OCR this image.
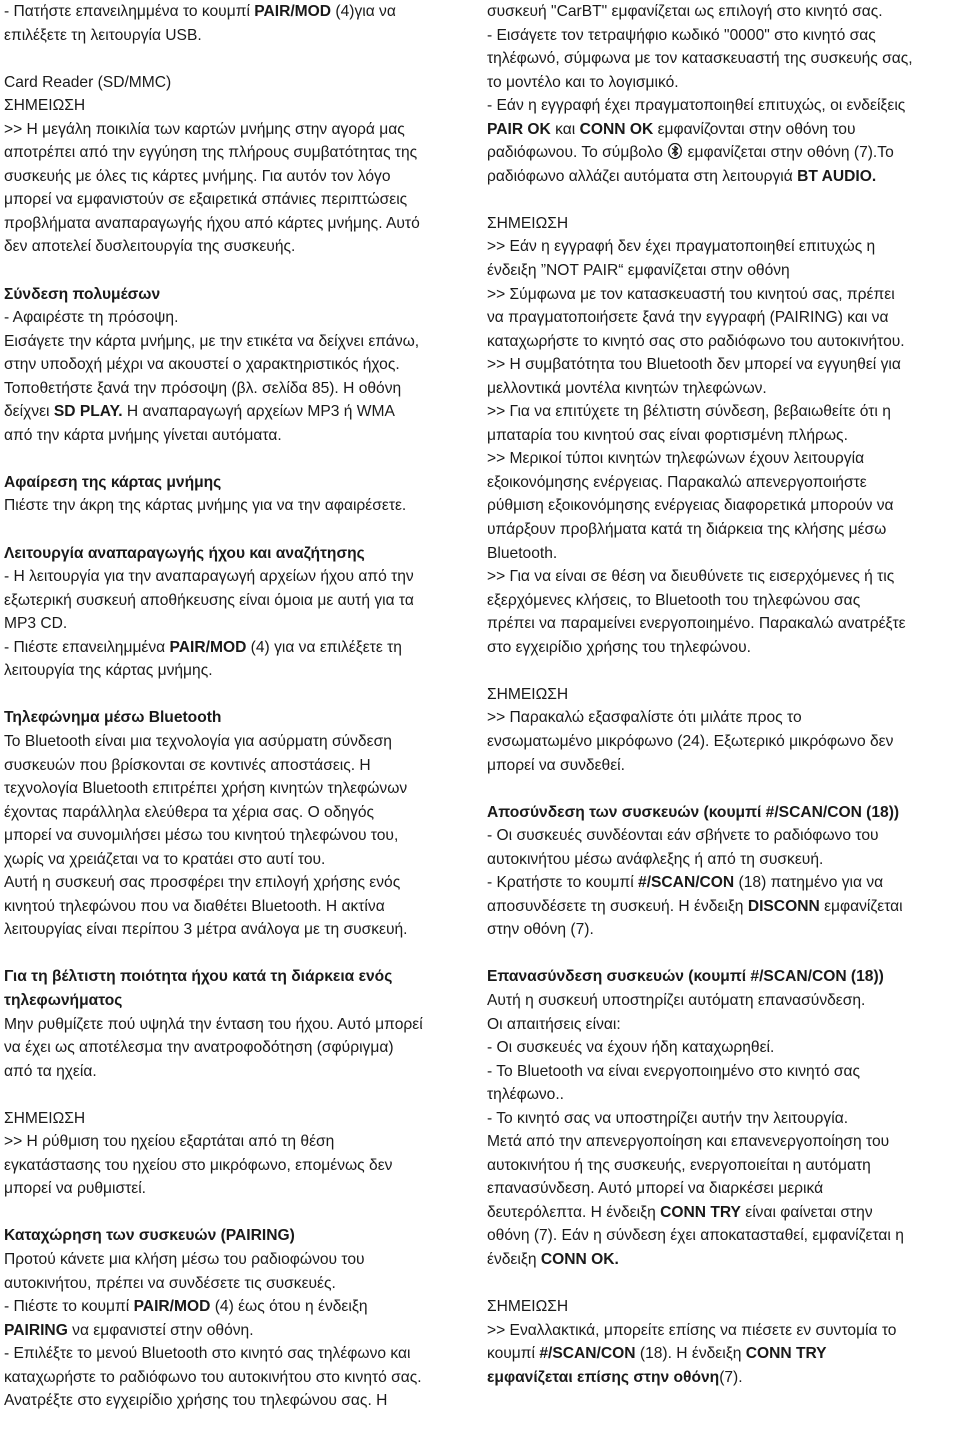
- Πατήστε επανειλημμένα το κουμπί PAIR/MOD (4)για να
επιλέξετε τη λειτουργία USB.
Card Reader (SD/MMC)
ΣΗΜΕΙΩΣΗ
>> Η μεγάλη ποικιλία των καρτών μνήμης στην αγορά μας
αποτρέπει από την εγγύηση της πλήρους συμβατότητας της
συσκευής με όλες τις κάρτες μνήμης. Για αυτόν τον λόγο
μπορεί να εμφανιστούν σε εξαιρετικά σπάνιες περιπτώσεις
προβλήματα αναπαραγωγής ήχου από κάρτες μνήμης. Αυτό
δεν αποτελεί δυσλειτουργία της συσκευής.
Σύνδεση πολυμέσων
- Αφαιρέστε τη πρόσοψη.
Εισάγετε την κάρτα μνήμης, με την ετικέτα να δείχνει επάνω,
στην υποδοχή μέχρι να ακουστεί ο χαρακτηριστικός ήχος.
Τοποθετήστε ξανά την πρόσοψη (βλ. σελίδα 85). Η οθόνη
δείχνει SD PLAY. Η αναπαραγωγή αρχείων MP3 ή WMA
από την κάρτα μνήμης γίνεται αυτόματα.
Αφαίρεση της κάρτας μνήμης
Πιέστε την άκρη της κάρτας μνήμης για να την αφαιρέσετε.
Λειτουργία αναπαραγωγής ήχου και αναζήτησης
- Η λειτουργία για την αναπαραγωγή αρχείων ήχου από την
εξωτερική συσκευή αποθήκευσης είναι όμοια με αυτή για τα
MP3 CD.
- Πιέστε επανειλημμένα PAIR/MOD (4) για να επιλέξετε τη
λειτουργία της κάρτας μνήμης.
Τηλεφώνημα μέσω Bluetooth
Το Bluetooth είναι μια τεχνολογία για ασύρματη σύνδεση
συσκευών που βρίσκονται σε κοντινές αποστάσεις. Η
τεχνολογία Bluetooth επιτρέπει χρήση κινητών τηλεφώνων
έχοντας παράλληλα ελεύθερα τα χέρια σας. Ο οδηγός
μπορεί να συνομιλήσει μέσω του κινητού τηλεφώνου του,
χωρίς να χρειάζεται να το κρατάει στο αυτί του.
Αυτή η συσκευή σας προσφέρει την επιλογή χρήσης ενός
κινητού τηλεφώνου που να διαθέτει Bluetooth. Η ακτίνα
λειτουργίας είναι περίπου 3 μέτρα ανάλογα με τη συσκευή.
Για τη βέλτιστη ποιότητα ήχου κατά τη διάρκεια ενός
τηλεφωνήματος
Μην ρυθμίζετε πού υψηλά την ένταση του ήχου. Αυτό μπορεί
να έχει ως αποτέλεσμα την ανατροφοδότηση (σφύριγμα)
από τα ηχεία.
ΣΗΜΕΙΩΣΗ
>> Η ρύθμιση του ηχείου εξαρτάται από τη θέση
εγκατάστασης του ηχείου στο μικρόφωνο, επομένως δεν
μπορεί να ρυθμιστεί.
Καταχώρηση των συσκευών (PAIRING)
Προτού κάνετε μια κλήση μέσω του ραδιοφώνου του
αυτοκινήτου, πρέπει να συνδέσετε τις συσκευές.
- Πιέστε το κουμπί PAIR/MOD (4) έως ότου η ένδειξη
PAIRING να εμφανιστεί στην οθόνη.
- Επιλέξτε το μενού Bluetooth στο κινητό σας τηλέφωνο και
καταχωρήστε το ραδιόφωνο του αυτοκινήτου στο κινητό σας.
Ανατρέξτε στο εγχειρίδιο χρήσης του τηλεφώνου σας. Η
συσκευή "CarBT" εμφανίζεται ως επιλογή στο κινητό σας.
- Εισάγετε τον τετραψήφιο κωδικό "0000" στο κινητό σας
τηλέφωνό, σύμφωνα με τον κατασκευαστή της συσκευής σας,
το μοντέλο και το λογισμικό.
- Εάν η εγγραφή έχει πραγματοποιηθεί επιτυχώς, οι ενδείξεις
PAIR OK και CONN OK εμφανίζονται στην οθόνη του
ραδιόφωνου. Το σύμβολο  εμφανίζεται στην οθόνη (7).Το
ραδιόφωνο αλλάζει αυτόματα στη λειτουργιά BT AUDIO.
ΣΗΜΕΙΩΣΗ
>> Εάν η εγγραφή δεν έχει πραγματοποιηθεί επιτυχώς η
ένδειξη ”NOT PAIR“ εμφανίζεται στην οθόνη
>> Σύμφωνα με τον κατασκευαστή του κινητού σας, πρέπει
να πραγματοποιήσετε ξανά την εγγραφή (PAIRING) και να
καταχωρήστε το κινητό σας στο ραδιόφωνο του αυτοκινήτου.
>> Η συμβατότητα του Bluetooth δεν μπορεί να εγγυηθεί για
μελλοντικά μοντέλα κινητών τηλεφώνων.
>> Για να επιτύχετε τη βέλτιστη σύνδεση, βεβαιωθείτε ότι η
μπαταρία του κινητού σας είναι φορτισμένη πλήρως.
>> Μερικοί τύποι κινητών τηλεφώνων έχουν λειτουργία
εξοικονόμησης ενέργειας. Παρακαλώ απενεργοποιήστε
ρύθμιση εξοικονόμησης ενέργειας διαφορετικά μπορούν να
υπάρξουν προβλήματα κατά τη διάρκεια της κλήσης μέσω
Bluetooth.
>> Για να είναι σε θέση να διευθύνετε τις εισερχόμενες ή τις
εξερχόμενες κλήσεις, το Bluetooth του τηλεφώνου σας
πρέπει να παραμείνει ενεργοποιημένο. Παρακαλώ ανατρέξτε
στο εγχειρίδιο χρήσης του τηλεφώνου.
ΣΗΜΕΙΩΣΗ
>> Παρακαλώ εξασφαλίστε ότι μιλάτε προς το
ενσωματωμένο μικρόφωνο (24). Εξωτερικό μικρόφωνο δεν
μπορεί να συνδεθεί.
Αποσύνδεση των συσκευών (κουμπί #/SCAN/CON (18))
- Οι συσκευές συνδέονται εάν σβήνετε το ραδιόφωνο του
αυτοκινήτου μέσω ανάφλεξης ή από τη συσκευή.
- Κρατήστε το κουμπί #/SCAN/CON (18) πατημένο για να
αποσυνδέσετε τη συσκευή. Η ένδειξη DISCONN εμφανίζεται
στην οθόνη (7).
Επανασύνδεση συσκευών (κουμπί #/SCAN/CON (18))
Αυτή η συσκευή υποστηρίζει αυτόματη επανασύνδεση.
Οι απαιτήσεις είναι:
- Οι συσκευές να έχουν ήδη καταχωρηθεί.
- Το Bluetooth να είναι ενεργοποιημένο στο κινητό σας
τηλέφωνο..
- Το κινητό σας να υποστηρίζει αυτήν την λειτουργία.
Μετά από την απενεργοποίηση και επανενεργοποίηση του
αυτοκινήτου ή της συσκευής, ενεργοποιείται η αυτόματη
επανασύνδεση. Αυτό μπορεί να διαρκέσει μερικά
δευτερόλεπτα. Η ένδειξη CONN TRY είναι φαίνεται στην
οθόνη (7). Εάν η σύνδεση έχει αποκατασταθεί, εμφανίζεται η
ένδειξη CONN OK.
ΣΗΜΕΙΩΣΗ
>> Εναλλακτικά, μπορείτε επίσης να πιέσετε εν συντομία το
κουμπί #/SCAN/CON (18). Η ένδειξη CONN TRY
εμφανίζεται επίσης στην οθόνη(7).
